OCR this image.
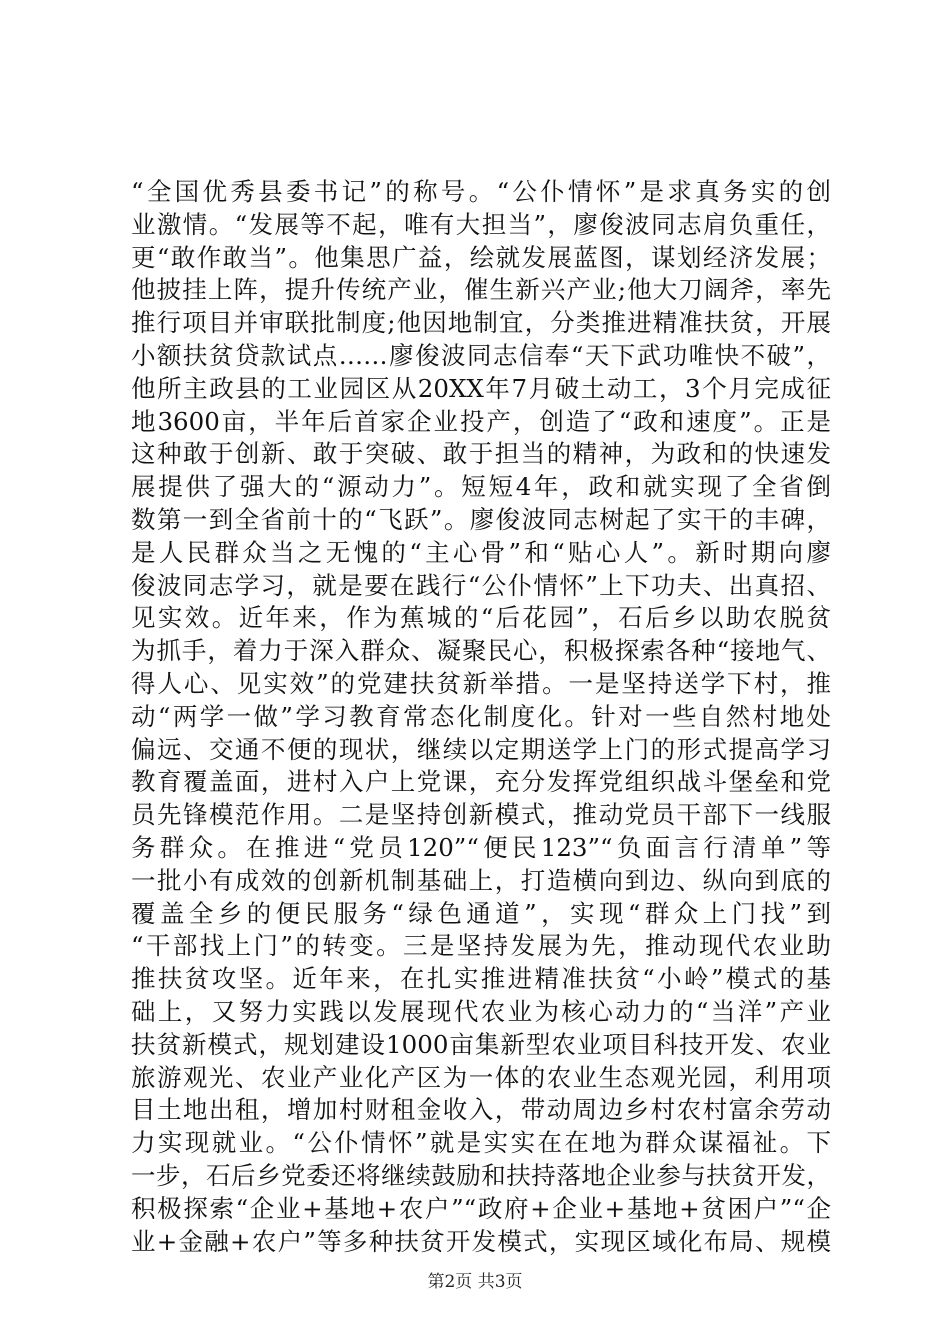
“全国优秀县委书记”的称号。“公仆情怀”是求真务实的创
业激情。“发展等不起，唯有大担当”，廖俊波同志肩负重任，
更“敢作敢当”。他集思广益，绘就发展蓝图，谋划经济发展；
他披挂上阵，提升传统产业，催生新兴产业;他大刀阔斧，率先
推行项目并审联批制度;他因地制宜，分类推进精准扶贫，开展
小额扶贫贷款试点……廖俊波同志信奉“天下武功唯快不破”，
他所主政县的工业园区从20XX年7月破土动工，3个月完成征
地3600亩，半年后首家企业投产，创造了“政和速度”。正是
这种敢于创新、敢于突破、敢于担当的精神，为政和的快速发
展提供了强大的“源动力”。短短4年，政和就实现了全省倒
数第一到全省前十的“飞跃”。廖俊波同志树起了实干的丰碑，
是人民群众当之无愧的“主心骨”和“贴心人”。新时期向廖
俊波同志学习，就是要在践行“公仆情怀”上下功夫、出真招、
见实效。近年来，作为蕉城的“后花园”，石后乡以助农脱贫
为抓手，着力于深入群众、凝聚民心，积极探索各种“接地气、
得人心、见实效”的党建扶贫新举措。一是坚持送学下村，推
动“两学一做”学习教育常态化制度化。针对一些自然村地处
偏远、交通不便的现状，继续以定期送学上门的形式提高学习
教育覆盖面，进村入户上党课，充分发挥党组织战斗堡垒和党
员先锋模范作用。二是坚持创新模式，推动党员干部下一线服
务群众。在推进“党员120”“便民123”“负面言行清单”等
一批小有成效的创新机制基础上，打造横向到边、纵向到底的
覆盖全乡的便民服务“绿色通道”，实现“群众上门找”到
“干部找上门”的转变。三是坚持发展为先，推动现代农业助
推扶贫攻坚。近年来，在扎实推进精准扶贫“小岭”模式的基
础上，又努力实践以发展现代农业为核心动力的“当洋”产业
扶贫新模式，规划建设1000亩集新型农业项目科技开发、农业
旅游观光、农业产业化产区为一体的农业生态观光园，利用项
目土地出租，增加村财租金收入，带动周边乡村农村富余劳动
力实现就业。“公仆情怀”就是实实在在地为群众谋福祉。下
一步，石后乡党委还将继续鼓励和扶持落地企业参与扶贫开发，
积极探索“企业+基地+农户”“政府+企业+基地+贫困户”“企
业+金融+农户”等多种扶贫开发模式，实现区域化布局、规模
第2页 共3页
